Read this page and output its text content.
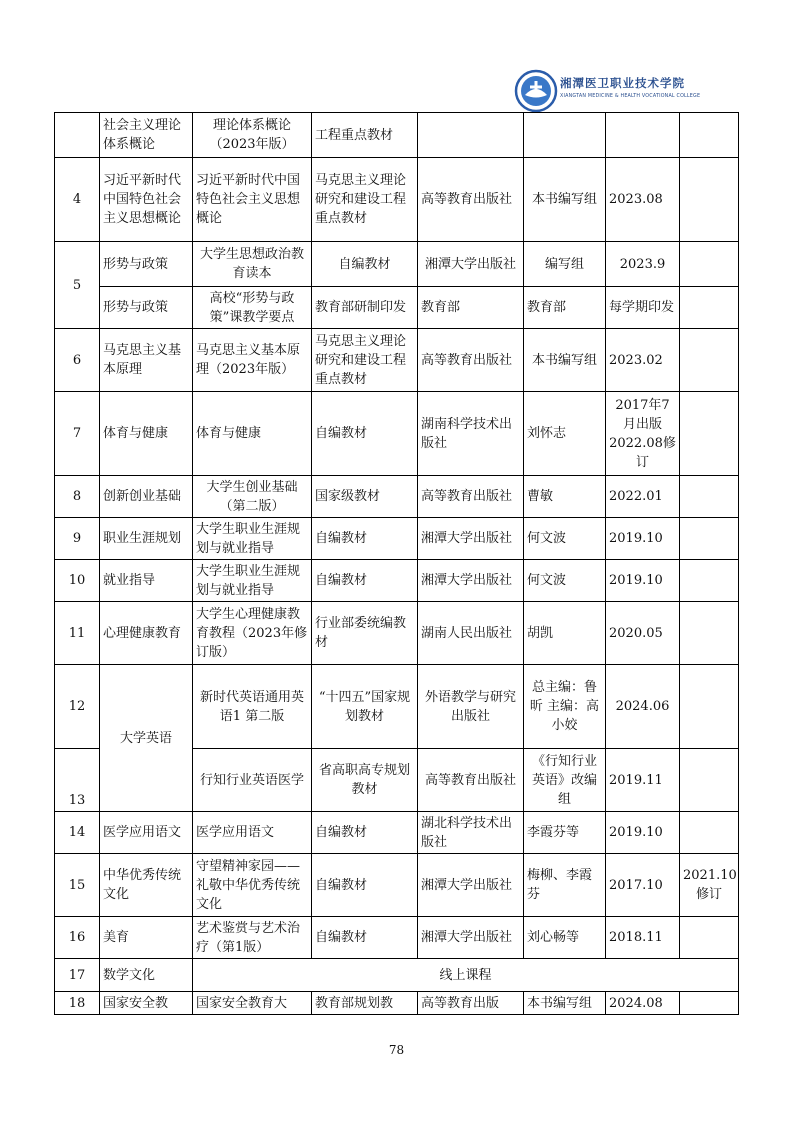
湘潭医卫职业技术学院
XIANGTAN MEDICINE & HEALTH VOCATIONAL COLLEGE
	社会主义理论体系概论	理论体系概论（2023年版）	工程重点教材				
4	习近平新时代中国特色社会主义思想概论	习近平新时代中国特色社会主义思想概论	马克思主义理论研究和建设工程重点教材	高等教育出版社	本书编写组	2023.08	
5	形势与政策	大学生思想政治教育读本	自编教材	湘潭大学出版社	编写组	2023.9	
	形势与政策	高校“形势与政策”课教学要点	教育部研制印发	教育部	教育部	每学期印发	
6	马克思主义基本原理	马克思主义基本原理（2023年版）	马克思主义理论研究和建设工程重点教材	高等教育出版社	本书编写组	2023.02	
7	体育与健康	体育与健康	自编教材	湖南科学技术出版社	刘怀志	2017年7月出版2022.08修订	
8	创新创业基础	大学生创业基础（第二版）	国家级教材	高等教育出版社	曹敏	2022.01	
9	职业生涯规划	大学生职业生涯规划与就业指导	自编教材	湘潭大学出版社	何文波	2019.10	
10	就业指导	大学生职业生涯规划与就业指导	自编教材	湘潭大学出版社	何文波	2019.10	
11	心理健康教育	大学生心理健康教育教程（2023年修订版）	行业部委统编教材	湖南人民出版社	胡凯	2020.05	
12	大学英语	新时代英语通用英语1 第二版	“十四五”国家规划教材	外语教学与研究出版社	总主编：鲁昕 主编：高小姣	2024.06	
13		行知行业英语医学	省高职高专规划教材	高等教育出版社	《行知行业英语》改编组	2019.11	
14	医学应用语文	医学应用语文	自编教材	湖北科学技术出版社	李霞芬等	2019.10	
15	中华优秀传统文化	守望精神家园——礼敬中华优秀传统文化	自编教材	湘潭大学出版社	梅柳、李霞芬	2017.10	2021.10修订
16	美育	艺术鉴赏与艺术治疗（第1版）	自编教材	湘潭大学出版社	刘心畅等	2018.11	
17	数学文化	线上课程					
18	国家安全教	国家安全教育大	教育部规划教	高等教育出版	本书编写组	2024.08	
78
